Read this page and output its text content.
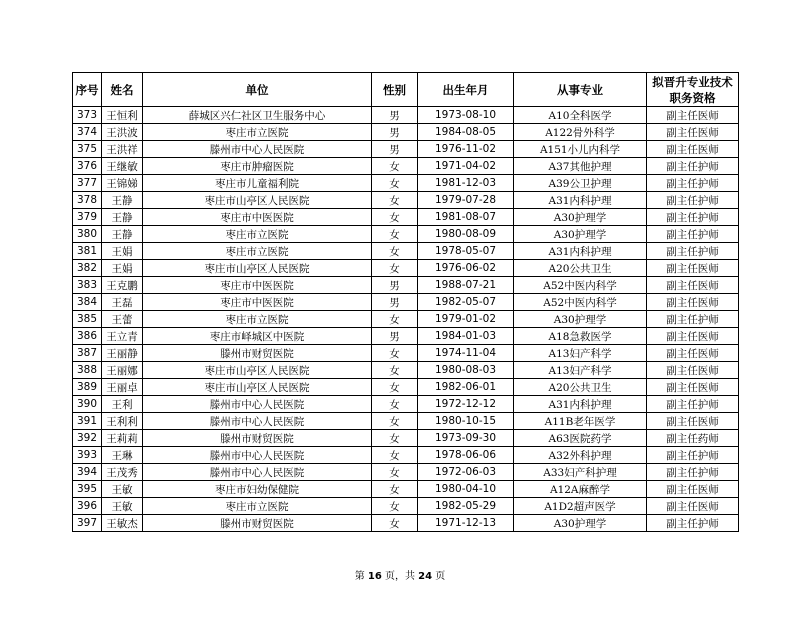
序号	姓名	单位	性别	出生年月	从事专业	拟晋升专业技术职务资格
373	王恒利	薛城区兴仁社区卫生服务中心	男	1973-08-10	A10全科医学	副主任医师
374	王洪波	枣庄市立医院	男	1984-08-05	A122骨外科学	副主任医师
375	王洪祥	滕州市中心人民医院	男	1976-11-02	A151小儿内科学	副主任医师
376	王继敏	枣庄市肿瘤医院	女	1971-04-02	A37其他护理	副主任护师
377	王锦娣	枣庄市儿童福利院	女	1981-12-03	A39公卫护理	副主任护师
378	王静	枣庄市山亭区人民医院	女	1979-07-28	A31内科护理	副主任护师
379	王静	枣庄市中医医院	女	1981-08-07	A30护理学	副主任护师
380	王静	枣庄市立医院	女	1980-08-09	A30护理学	副主任护师
381	王娟	枣庄市立医院	女	1978-05-07	A31内科护理	副主任护师
382	王娟	枣庄市山亭区人民医院	女	1976-06-02	A20公共卫生	副主任医师
383	王克鹏	枣庄市中医医院	男	1988-07-21	A52中医内科学	副主任医师
384	王磊	枣庄市中医医院	男	1982-05-07	A52中医内科学	副主任医师
385	王蕾	枣庄市立医院	女	1979-01-02	A30护理学	副主任护师
386	王立青	枣庄市峄城区中医院	男	1984-01-03	A18急救医学	副主任医师
387	王丽静	滕州市财贸医院	女	1974-11-04	A13妇产科学	副主任医师
388	王丽娜	枣庄市山亭区人民医院	女	1980-08-03	A13妇产科学	副主任医师
389	王丽卓	枣庄市山亭区人民医院	女	1982-06-01	A20公共卫生	副主任医师
390	王利	滕州市中心人民医院	女	1972-12-12	A31内科护理	副主任护师
391	王利利	滕州市中心人民医院	女	1980-10-15	A11B老年医学	副主任医师
392	王莉莉	滕州市财贸医院	女	1973-09-30	A63医院药学	副主任药师
393	王琳	滕州市中心人民医院	女	1978-06-06	A32外科护理	副主任护师
394	王茂秀	滕州市中心人民医院	女	1972-06-03	A33妇产科护理	副主任护师
395	王敏	枣庄市妇幼保健院	女	1980-04-10	A12A麻醉学	副主任医师
396	王敏	枣庄市立医院	女	1982-05-29	A1D2超声医学	副主任医师
397	王敏杰	滕州市财贸医院	女	1971-12-13	A30护理学	副主任护师
第 16 页，共 24 页
